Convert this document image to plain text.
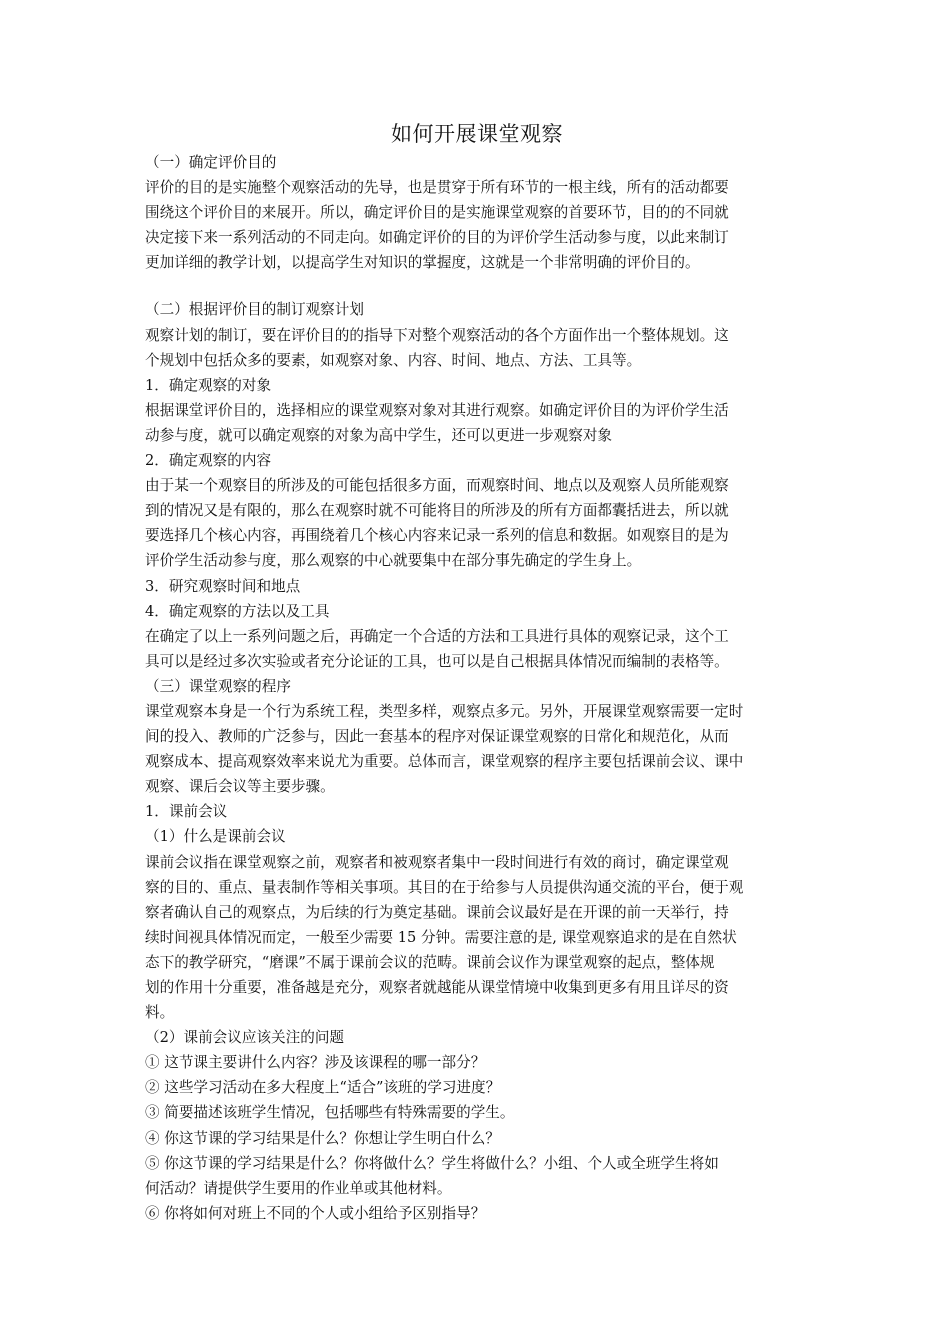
如何开展课堂观察
（一）确定评价目的
评价的目的是实施整个观察活动的先导，也是贯穿于所有环节的一根主线，所有的活动都要
围绕这个评价目的来展开。所以，确定评价目的是实施课堂观察的首要环节，目的的不同就
决定接下来一系列活动的不同走向。如确定评价的目的为评价学生活动参与度，以此来制订
更加详细的教学计划，以提高学生对知识的掌握度，这就是一个非常明确的评价目的。
（二）根据评价目的制订观察计划
观察计划的制订，要在评价目的的指导下对整个观察活动的各个方面作出一个整体规划。这
个规划中包括众多的要素，如观察对象、内容、时间、地点、方法、工具等。
1．确定观察的对象
根据课堂评价目的，选择相应的课堂观察对象对其进行观察。如确定评价目的为评价学生活
动参与度，就可以确定观察的对象为高中学生，还可以更进一步观察对象
2．确定观察的内容
由于某一个观察目的所涉及的可能包括很多方面，而观察时间、地点以及观察人员所能观察
到的情况又是有限的，那么在观察时就不可能将目的所涉及的所有方面都囊括进去，所以就
要选择几个核心内容，再围绕着几个核心内容来记录一系列的信息和数据。如观察目的是为
评价学生活动参与度，那么观察的中心就要集中在部分事先确定的学生身上。
3．研究观察时间和地点
4．确定观察的方法以及工具
在确定了以上一系列问题之后，再确定一个合适的方法和工具进行具体的观察记录，这个工
具可以是经过多次实验或者充分论证的工具，也可以是自己根据具体情况而编制的表格等。
（三）课堂观察的程序
课堂观察本身是一个行为系统工程，类型多样，观察点多元。另外，开展课堂观察需要一定时
间的投入、教师的广泛参与，因此一套基本的程序对保证课堂观察的日常化和规范化，从而
观察成本、提高观察效率来说尤为重要。总体而言，课堂观察的程序主要包括课前会议、课中
观察、课后会议等主要步骤。
1．课前会议
（1）什么是课前会议
课前会议指在课堂观察之前，观察者和被观察者集中一段时间进行有效的商讨，确定课堂观
察的目的、重点、量表制作等相关事项。其目的在于给参与人员提供沟通交流的平台，便于观
察者确认自己的观察点，为后续的行为奠定基础。课前会议最好是在开课的前一天举行，持
续时间视具体情况而定，一般至少需要 15 分钟。需要注意的是, 课堂观察追求的是在自然状
态下的教学研究，“磨课”不属于课前会议的范畴。课前会议作为课堂观察的起点，整体规
划的作用十分重要，准备越是充分，观察者就越能从课堂情境中收集到更多有用且详尽的资
料。
（2）课前会议应该关注的问题
① 这节课主要讲什么内容？涉及该课程的哪一部分？
② 这些学习活动在多大程度上“适合”该班的学习进度？
③ 简要描述该班学生情况，包括哪些有特殊需要的学生。
④ 你这节课的学习结果是什么？你想让学生明白什么？
⑤ 你这节课的学习结果是什么？你将做什么？学生将做什么？小组、个人或全班学生将如
何活动？请提供学生要用的作业单或其他材料。
⑥ 你将如何对班上不同的个人或小组给予区别指导？
